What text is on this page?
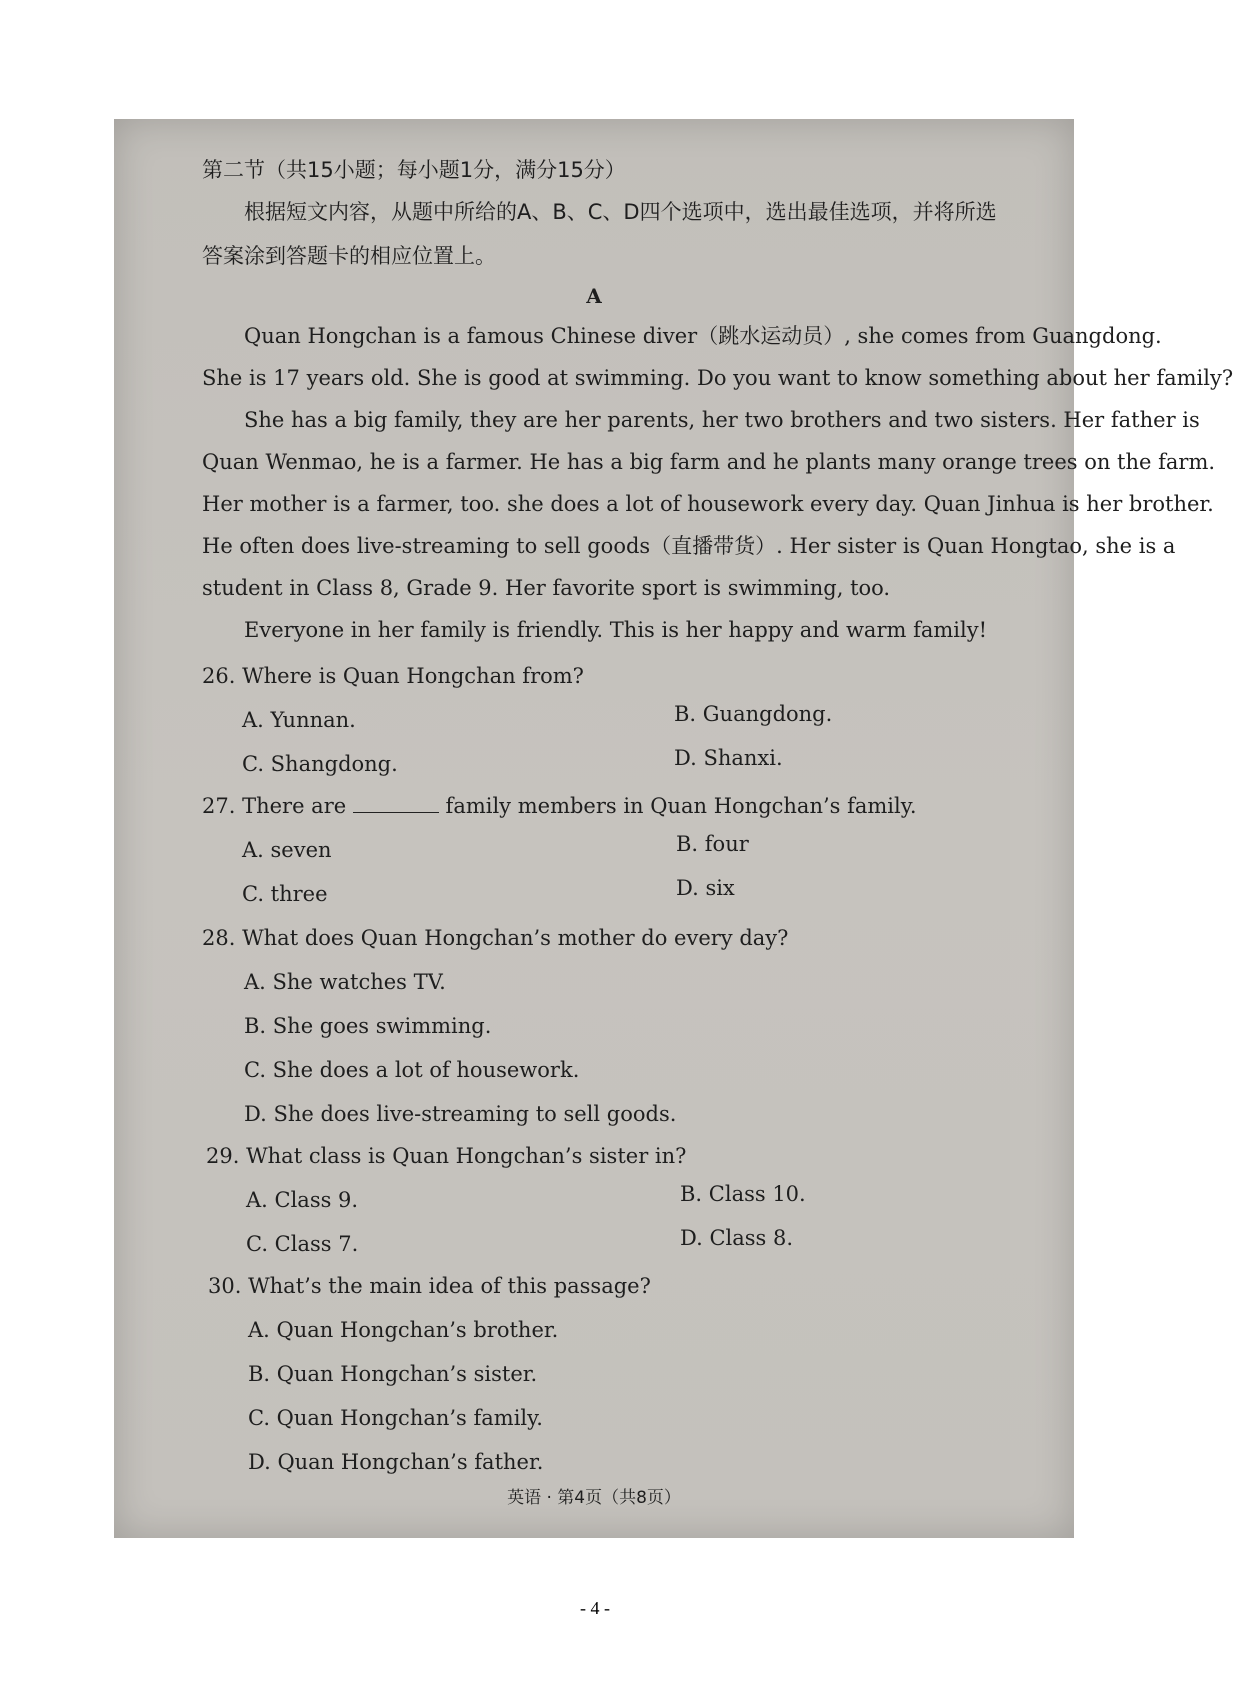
第二节（共15小题；每小题1分，满分15分）
根据短文内容，从题中所给的A、B、C、D四个选项中，选出最佳选项，并将所选
答案涂到答题卡的相应位置上。
A
Quan Hongchan is a famous Chinese diver（跳水运动员）, she comes from Guangdong.
She is 17 years old. She is good at swimming. Do you want to know something about her family?
She has a big family, they are her parents, her two brothers and two sisters. Her father is
Quan Wenmao, he is a farmer. He has a big farm and he plants many orange trees on the farm.
Her mother is a farmer, too. she does a lot of housework every day. Quan Jinhua is her brother.
He often does live-streaming to sell goods（直播带货）. Her sister is Quan Hongtao, she is a
student in Class 8, Grade 9. Her favorite sport is swimming, too.
Everyone in her family is friendly. This is her happy and warm family!
26. Where is Quan Hongchan from?
A. Yunnan.	B. Guangdong.
C. Shangdong.	D. Shanxi.
27. There are	family members in Quan Hongchan’s family.
A. seven	B. four
C. three	D. six
28. What does Quan Hongchan’s mother do every day?
A. She watches TV.
B. She goes swimming.
C. She does a lot of housework.
D. She does live-streaming to sell goods.
29. What class is Quan Hongchan’s sister in?
A. Class 9.	B. Class 10.
C. Class 7.	D. Class 8.
30. What’s the main idea of this passage?
A. Quan Hongchan’s brother.
B. Quan Hongchan’s sister.
C. Quan Hongchan’s family.
D. Quan Hongchan’s father.
英语 · 第4页（共8页）
- 4 -
